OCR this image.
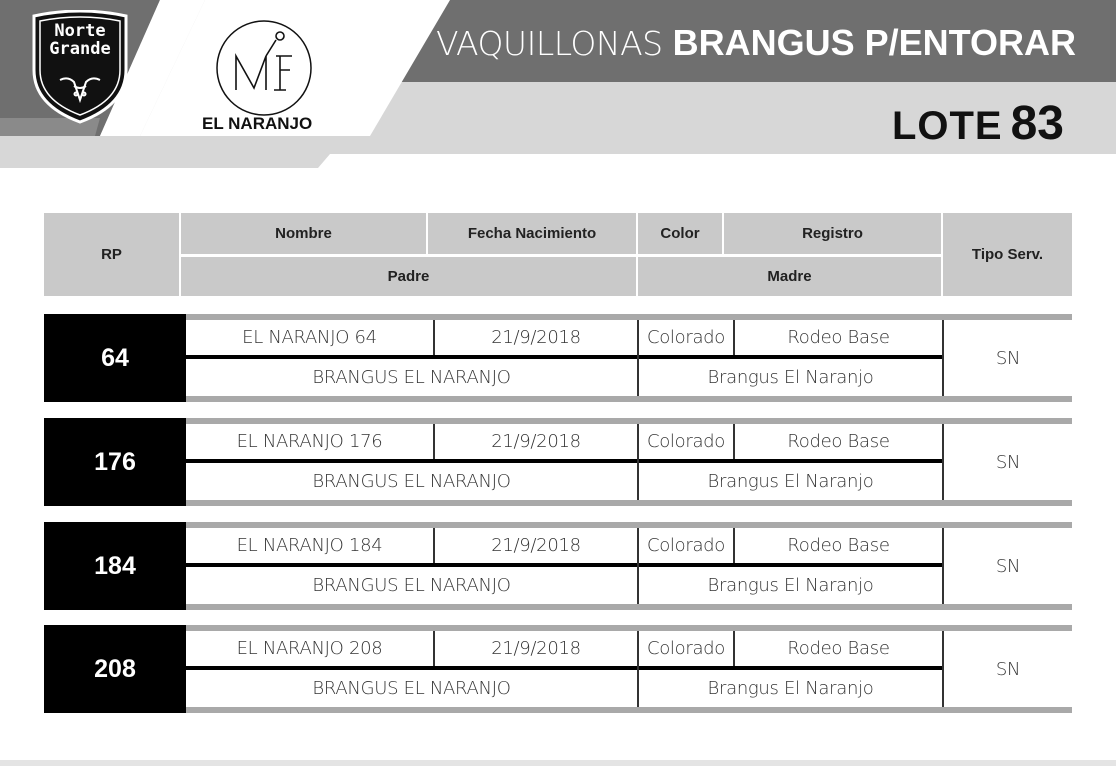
Norte
Grande
EL NARANJO
VAQUILLONAS BRANGUS P/ENTORAR
LOTE 83
RP
Nombre	Fecha Nacimiento	Color	Registro
Tipo Serv.
Padre	Madre
64
EL NARANJO 64	21/9/2018	Colorado	Rodeo Base
BRANGUS EL NARANJO	Brangus El Naranjo
SN
176
EL NARANJO 176	21/9/2018	Colorado	Rodeo Base
BRANGUS EL NARANJO	Brangus El Naranjo
SN
184
EL NARANJO 184	21/9/2018	Colorado	Rodeo Base
BRANGUS EL NARANJO	Brangus El Naranjo
SN
208
EL NARANJO 208	21/9/2018	Colorado	Rodeo Base
BRANGUS EL NARANJO	Brangus El Naranjo
SN
